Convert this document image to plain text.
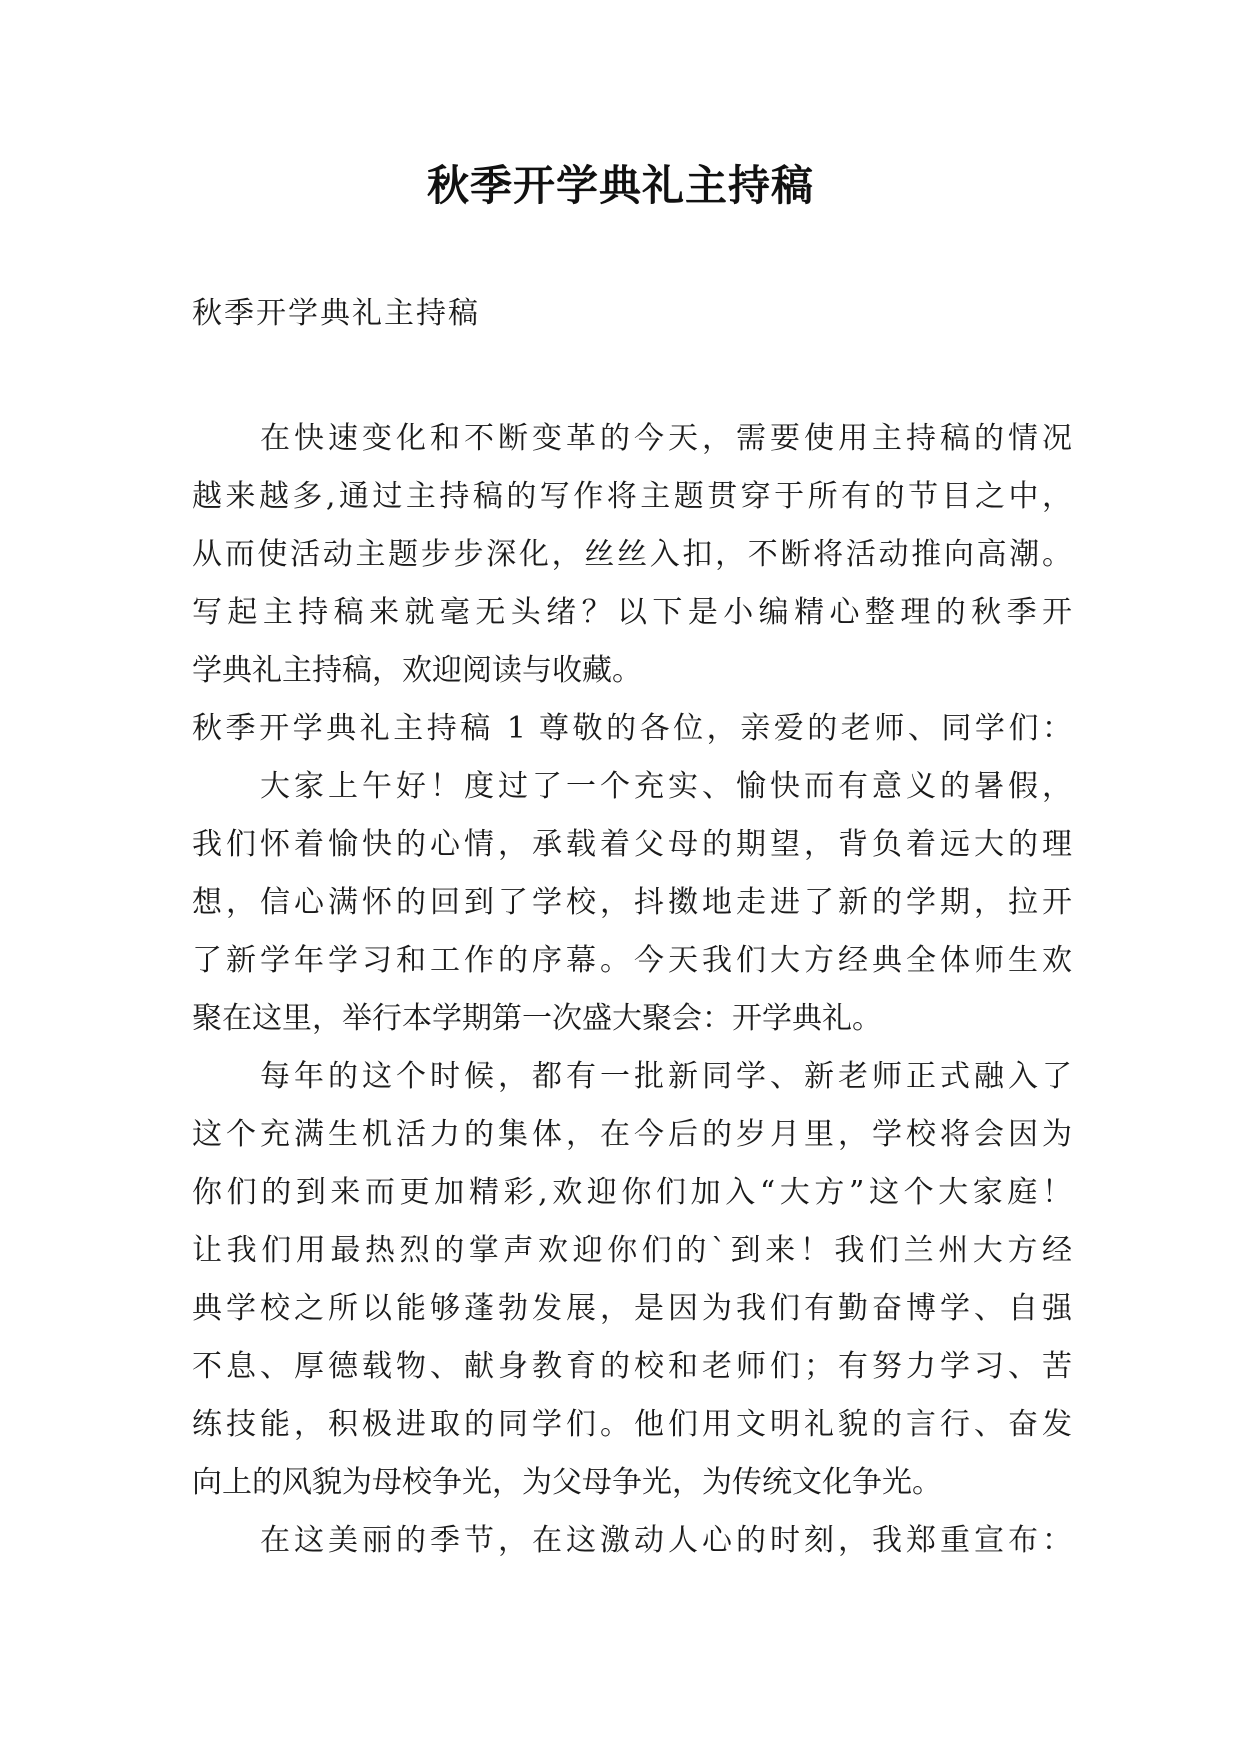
秋季开学典礼主持稿
秋季开学典礼主持稿
在快速变化和不断变革的今天，需要使用主持稿的情况
越来越多,通过主持稿的写作将主题贯穿于所有的节目之中，
从而使活动主题步步深化，丝丝入扣，不断将活动推向高潮。
写起主持稿来就毫无头绪？以下是小编精心整理的秋季开
学典礼主持稿，欢迎阅读与收藏。
秋季开学典礼主持稿 1 尊敬的各位，亲爱的老师、同学们：
大家上午好！度过了一个充实、愉快而有意义的暑假，
我们怀着愉快的心情，承载着父母的期望，背负着远大的理
想，信心满怀的回到了学校，抖擞地走进了新的学期，拉开
了新学年学习和工作的序幕。今天我们大方经典全体师生欢
聚在这里，举行本学期第一次盛大聚会：开学典礼。
每年的这个时候，都有一批新同学、新老师正式融入了
这个充满生机活力的集体，在今后的岁月里，学校将会因为
你们的到来而更加精彩,欢迎你们加入“大方”这个大家庭！
让我们用最热烈的掌声欢迎你们的`到来！我们兰州大方经
典学校之所以能够蓬勃发展，是因为我们有勤奋博学、自强
不息、厚德载物、献身教育的校和老师们；有努力学习、苦
练技能，积极进取的同学们。他们用文明礼貌的言行、奋发
向上的风貌为母校争光，为父母争光，为传统文化争光。
在这美丽的季节，在这激动人心的时刻，我郑重宣布：
